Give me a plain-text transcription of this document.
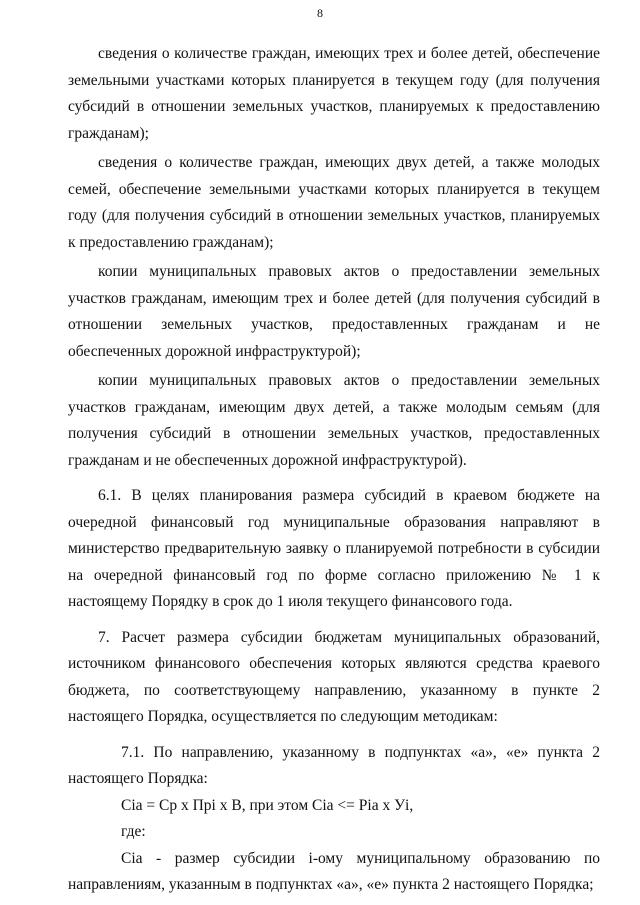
8

сведения о количестве граждан, имеющих трех и более детей, обеспечение земельными участками которых планируется в текущем году (для получения субсидий в отношении земельных участков, планируемых к предоставлению гражданам);

сведения о количестве граждан, имеющих двух детей, а также молодых семей, обеспечение земельными участками которых планируется в текущем году (для получения субсидий в отношении земельных участков, планируемых к предоставлению гражданам);

копии муниципальных правовых актов о предоставлении земельных участков гражданам, имеющим трех и более детей (для получения субсидий в отношении земельных участков, предоставленных гражданам и не обеспеченных дорожной инфраструктурой);

копии муниципальных правовых актов о предоставлении земельных участков гражданам, имеющим двух детей, а также молодым семьям (для получения субсидий в отношении земельных участков, предоставленных гражданам и не обеспеченных дорожной инфраструктурой).

6.1. В целях планирования размера субсидий в краевом бюджете на очередной финансовый год муниципальные образования направляют в министерство предварительную заявку о планируемой потребности в субсидии на очередной финансовый год по форме согласно приложению № 1 к настоящему Порядку в срок до 1 июля текущего финансового года.

7. Расчет размера субсидии бюджетам муниципальных образований, источником финансового обеспечения которых являются средства краевого бюджета, по соответствующему направлению, указанному в пункте 2 настоящего Порядка, осуществляется по следующим методикам:

7.1. По направлению, указанному в подпунктах «а», «е» пункта 2 настоящего Порядка:

Ciа = Ср х Прi х В, при этом Ciа <= Рiа х Уi,

где:

Ciа - размер субсидии i-ому муниципальному образованию по направлениям, указанным в подпунктах «а», «е» пункта 2 настоящего Порядка;
